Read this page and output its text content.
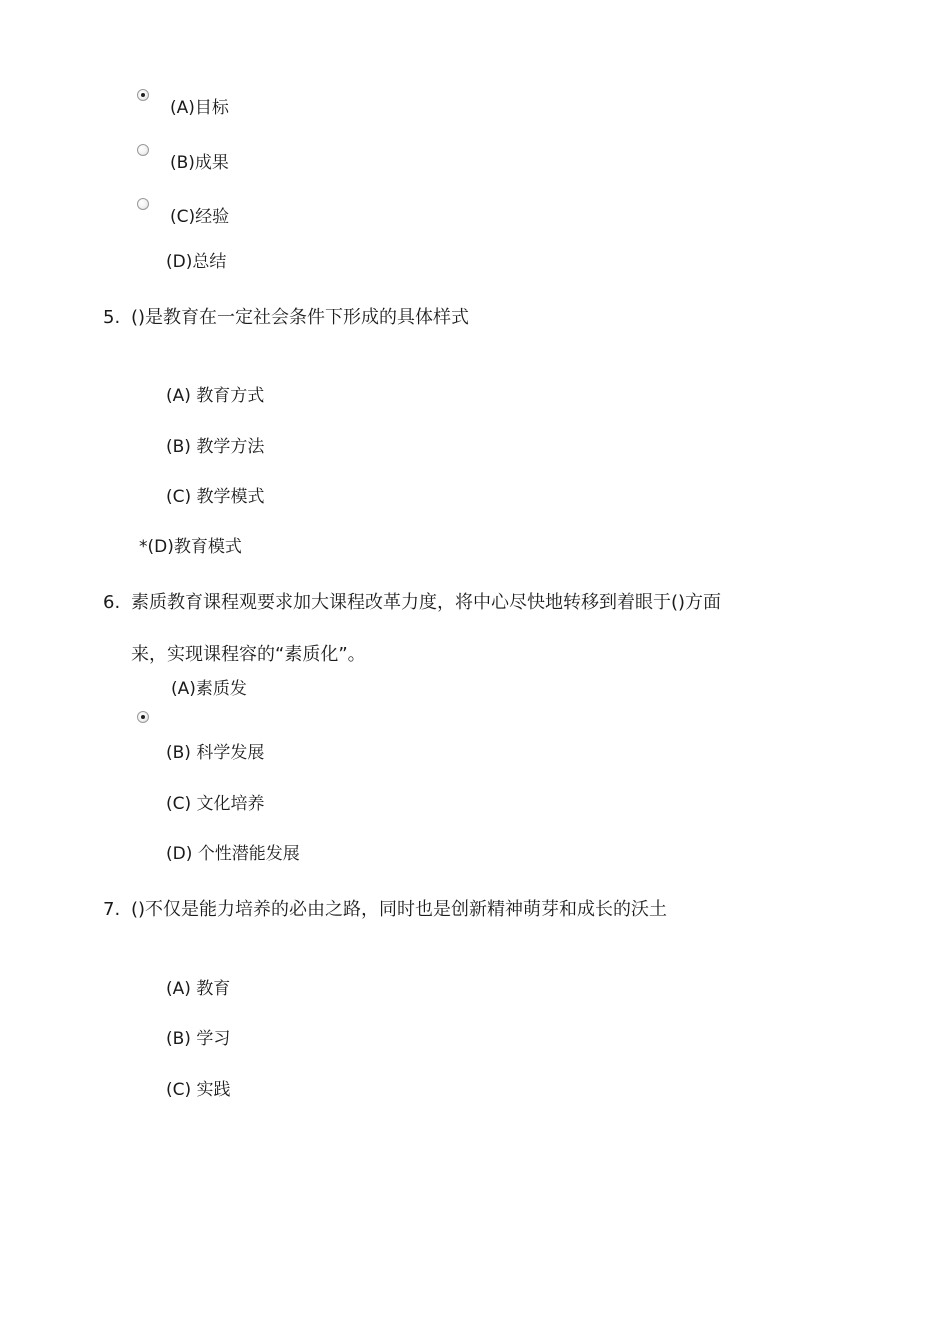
(A)目标
(B)成果
(C)经验
(D)总结
5. ()是教育在一定社会条件下形成的具体样式
(A) 教育方式
(B) 教学方法
(C) 教学模式
*(D)教育模式
6. 素质教育课程观要求加大课程改革力度，将中心尽快地转移到着眼于()方面
来，实现课程容的“素质化”。
(A)素质发
(B) 科学发展
(C) 文化培养
(D) 个性潜能发展
7. ()不仅是能力培养的必由之路，同时也是创新精神萌芽和成长的沃土
(A) 教育
(B) 学习
(C) 实践
